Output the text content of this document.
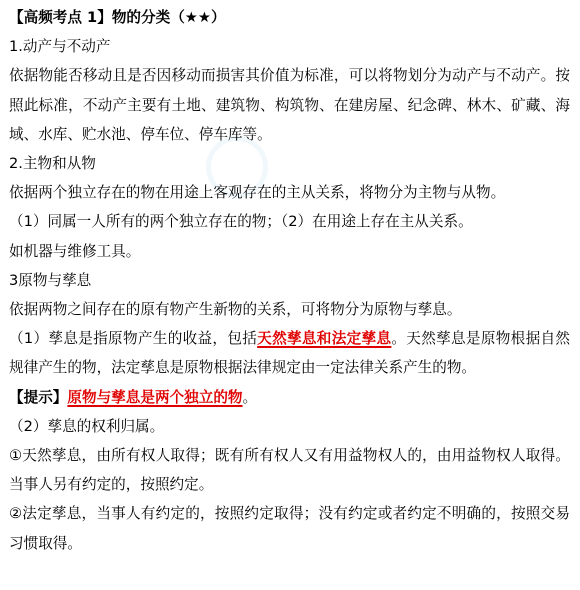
【高频考点 1】物的分类（★★）

1.动产与不动产

依据物能否移动且是否因移动而损害其价值为标准，可以将物划分为动产与不动产。按照此标准，不动产主要有土地、建筑物、构筑物、在建房屋、纪念碑、林木、矿藏、海域、水库、贮水池、停车位、停车库等。

2.主物和从物

依据两个独立存在的物在用途上客观存在的主从关系，将物分为主物与从物。

（1）同属一人所有的两个独立存在的物；（2）在用途上存在主从关系。

如机器与维修工具。

3原物与孳息

依据两物之间存在的原有物产生新物的关系，可将物分为原物与孳息。

（1）孳息是指原物产生的收益，包括天然孳息和法定孳息。天然孳息是原物根据自然规律产生的物，法定孳息是原物根据法律规定由一定法律关系产生的物。

【提示】原物与孳息是两个独立的物。

（2）孳息的权利归属。

①天然孳息，由所有权人取得；既有所有权人又有用益物权人的，由用益物权人取得。当事人另有约定的，按照约定。

②法定孳息，当事人有约定的，按照约定取得；没有约定或者约定不明确的，按照交易习惯取得。
